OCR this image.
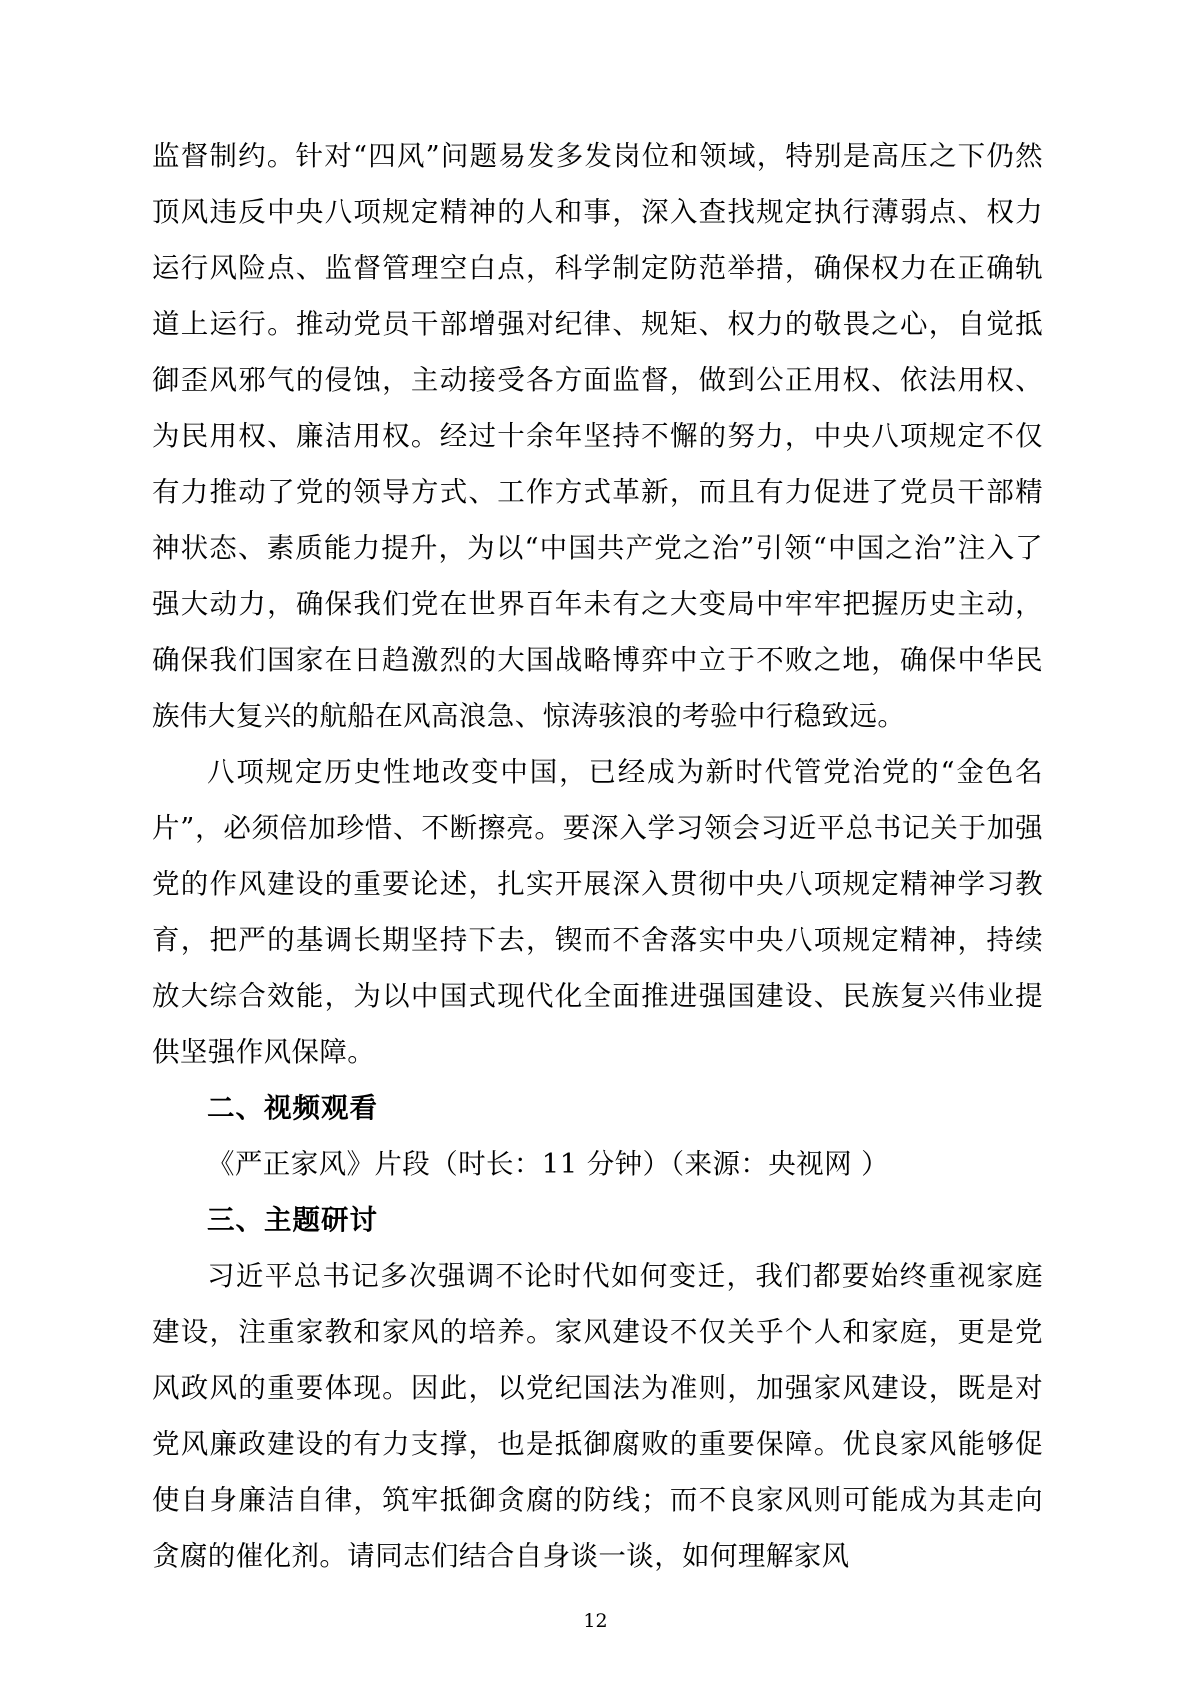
监督制约。针对“四风”问题易发多发岗位和领域，特别是高压之下仍然顶风违反中央八项规定精神的人和事，深入查找规定执行薄弱点、权力运行风险点、监督管理空白点，科学制定防范举措，确保权力在正确轨道上运行。推动党员干部增强对纪律、规矩、权力的敬畏之心，自觉抵御歪风邪气的侵蚀，主动接受各方面监督，做到公正用权、依法用权、为民用权、廉洁用权。经过十余年坚持不懈的努力，中央八项规定不仅有力推动了党的领导方式、工作方式革新，而且有力促进了党员干部精神状态、素质能力提升，为以“中国共产党之治”引领“中国之治”注入了强大动力，确保我们党在世界百年未有之大变局中牢牢把握历史主动，确保我们国家在日趋激烈的大国战略博弈中立于不败之地，确保中华民族伟大复兴的航船在风高浪急、惊涛骇浪的考验中行稳致远。

八项规定历史性地改变中国，已经成为新时代管党治党的“金色名片”，必须倍加珍惜、不断擦亮。要深入学习领会习近平总书记关于加强党的作风建设的重要论述，扎实开展深入贯彻中央八项规定精神学习教育，把严的基调长期坚持下去，锲而不舍落实中央八项规定精神，持续放大综合效能，为以中国式现代化全面推进强国建设、民族复兴伟业提供坚强作风保障。

二、视频观看

《严正家风》片段（时长：11 分钟）（来源：央视网 ）

三、主题研讨

习近平总书记多次强调不论时代如何变迁，我们都要始终重视家庭建设，注重家教和家风的培养。家风建设不仅关乎个人和家庭，更是党风政风的重要体现。因此，以党纪国法为准则，加强家风建设，既是对党风廉政建设的有力支撑，也是抵御腐败的重要保障。优良家风能够促使自身廉洁自律，筑牢抵御贪腐的防线；而不良家风则可能成为其走向贪腐的催化剂。请同志们结合自身谈一谈，如何理解家风

12
